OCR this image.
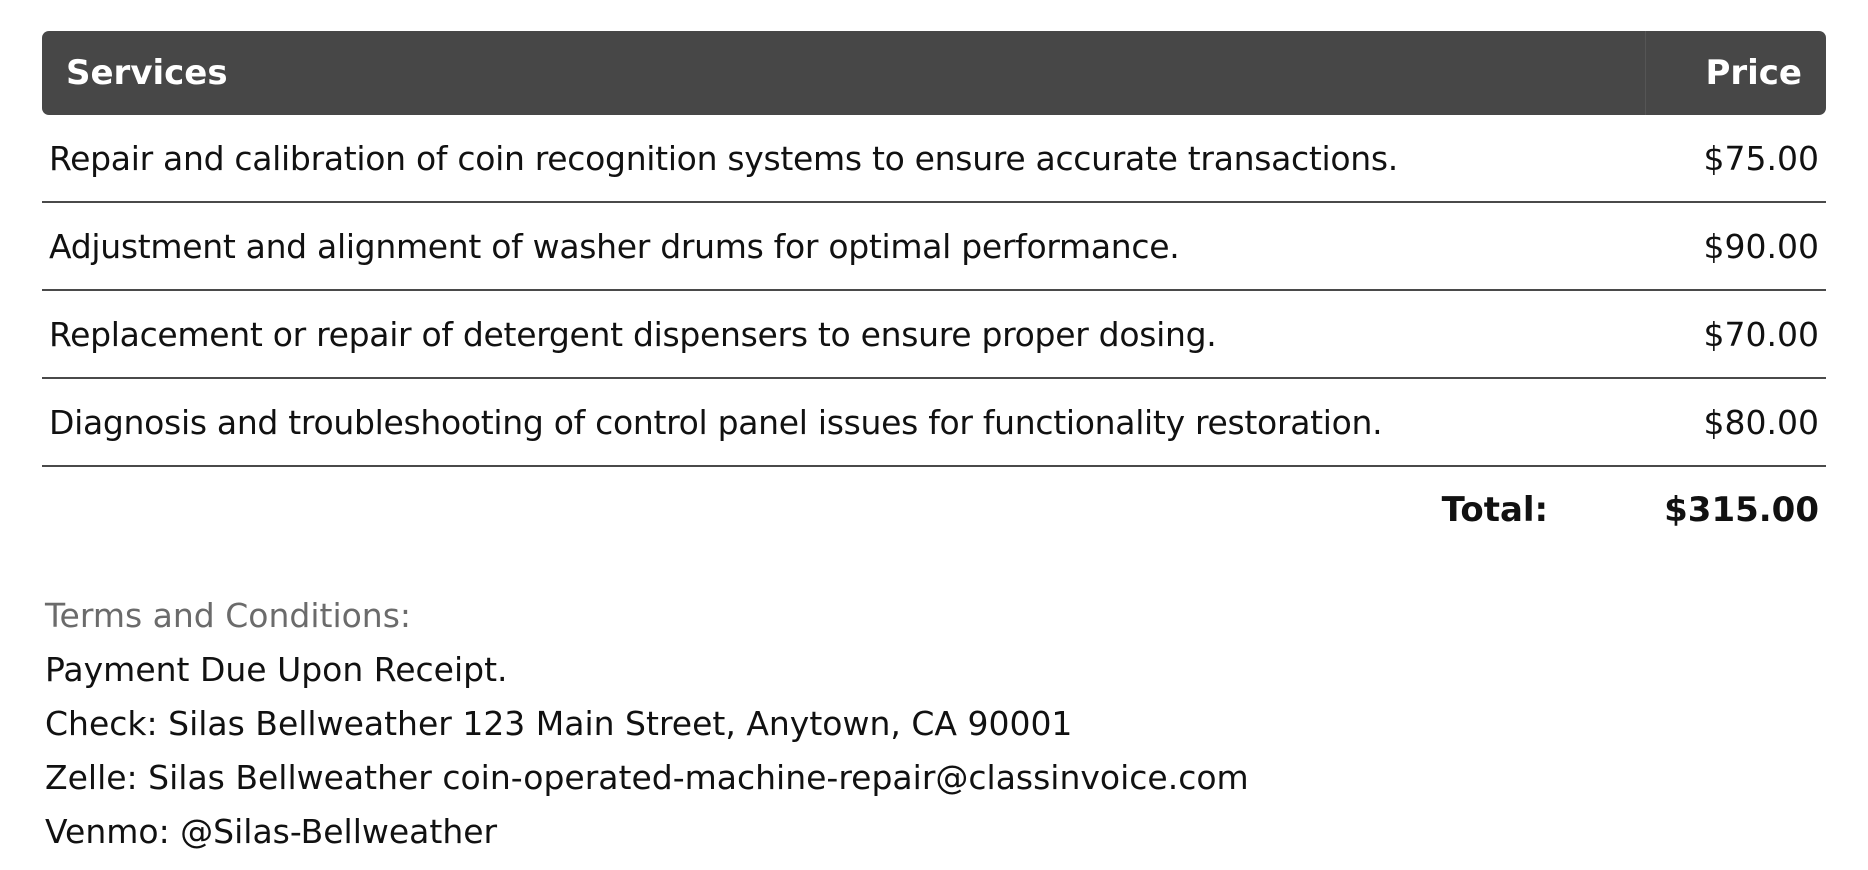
Services	Price
Repair and calibration of coin recognition systems to ensure accurate transactions.	$75.00
Adjustment and alignment of washer drums for optimal performance.	$90.00
Replacement or repair of detergent dispensers to ensure proper dosing.	$70.00
Diagnosis and troubleshooting of control panel issues for functionality restoration.	$80.00
Total:	$315.00
Terms and Conditions:
Payment Due Upon Receipt.
Check: Silas Bellweather 123 Main Street, Anytown, CA 90001
Zelle: Silas Bellweather coin-operated-machine-repair@classinvoice.com
Venmo: @Silas-Bellweather
